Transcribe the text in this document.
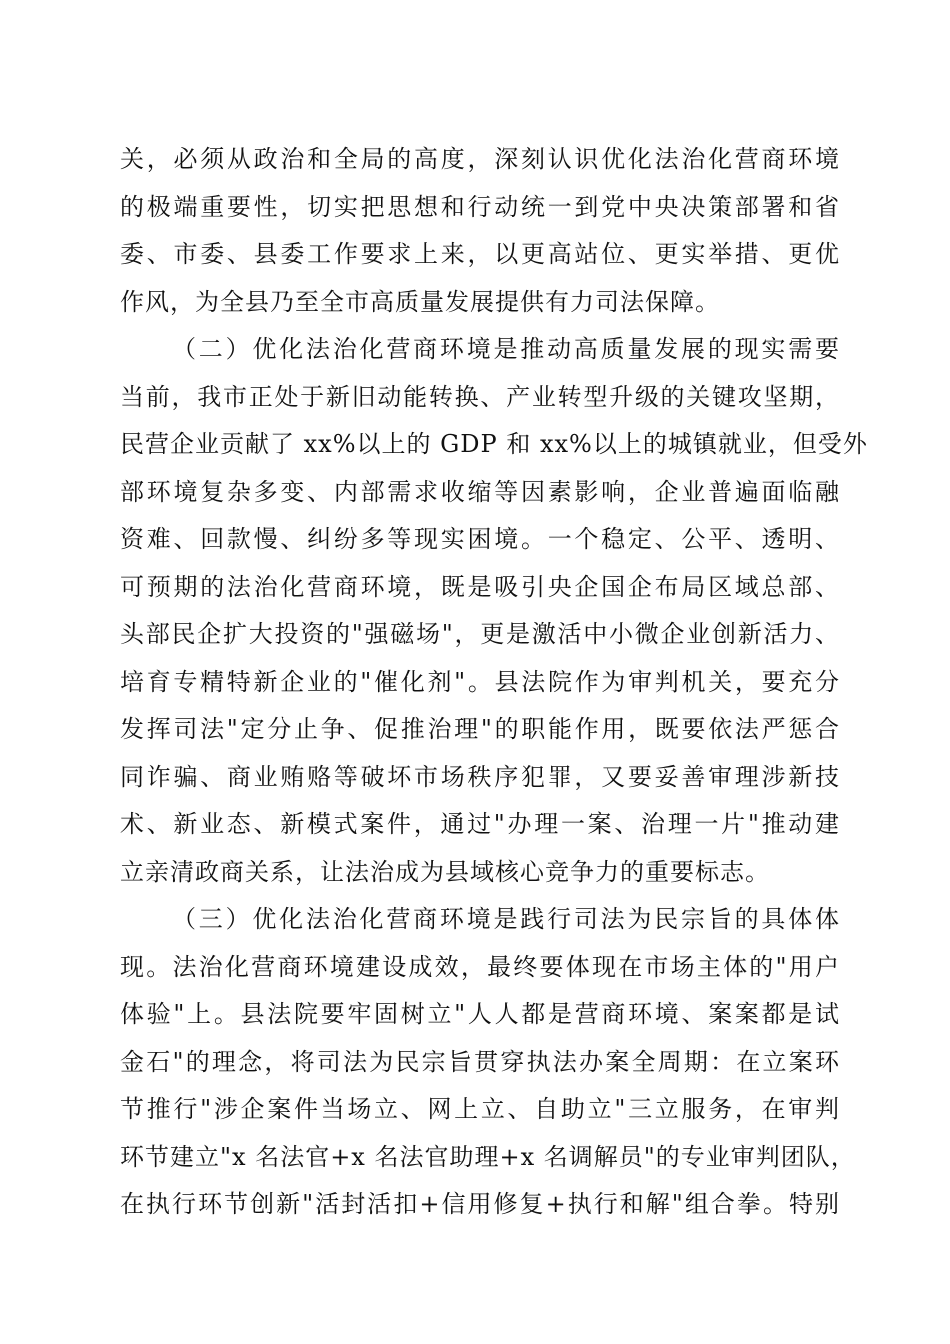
关，必须从政治和全局的高度，深刻认识优化法治化营商环境
的极端重要性，切实把思想和行动统一到党中央决策部署和省
委、市委、县委工作要求上来，以更高站位、更实举措、更优
作风，为全县乃至全市高质量发展提供有力司法保障。
（二）优化法治化营商环境是推动高质量发展的现实需要
当前，我市正处于新旧动能转换、产业转型升级的关键攻坚期，
民营企业贡献了 xx%以上的 GDP 和 xx%以上的城镇就业，但受外
部环境复杂多变、内部需求收缩等因素影响，企业普遍面临融
资难、回款慢、纠纷多等现实困境。一个稳定、公平、透明、
可预期的法治化营商环境，既是吸引央企国企布局区域总部、
头部民企扩大投资的"强磁场"，更是激活中小微企业创新活力、
培育专精特新企业的"催化剂"。县法院作为审判机关，要充分
发挥司法"定分止争、促推治理"的职能作用，既要依法严惩合
同诈骗、商业贿赂等破坏市场秩序犯罪，又要妥善审理涉新技
术、新业态、新模式案件，通过"办理一案、治理一片"推动建
立亲清政商关系，让法治成为县域核心竞争力的重要标志。
（三）优化法治化营商环境是践行司法为民宗旨的具体体
现。法治化营商环境建设成效，最终要体现在市场主体的"用户
体验"上。县法院要牢固树立"人人都是营商环境、案案都是试
金石"的理念，将司法为民宗旨贯穿执法办案全周期：在立案环
节推行"涉企案件当场立、网上立、自助立"三立服务，在审判
环节建立"x 名法官+x 名法官助理+x 名调解员"的专业审判团队，
在执行环节创新"活封活扣+信用修复+执行和解"组合拳。特别
